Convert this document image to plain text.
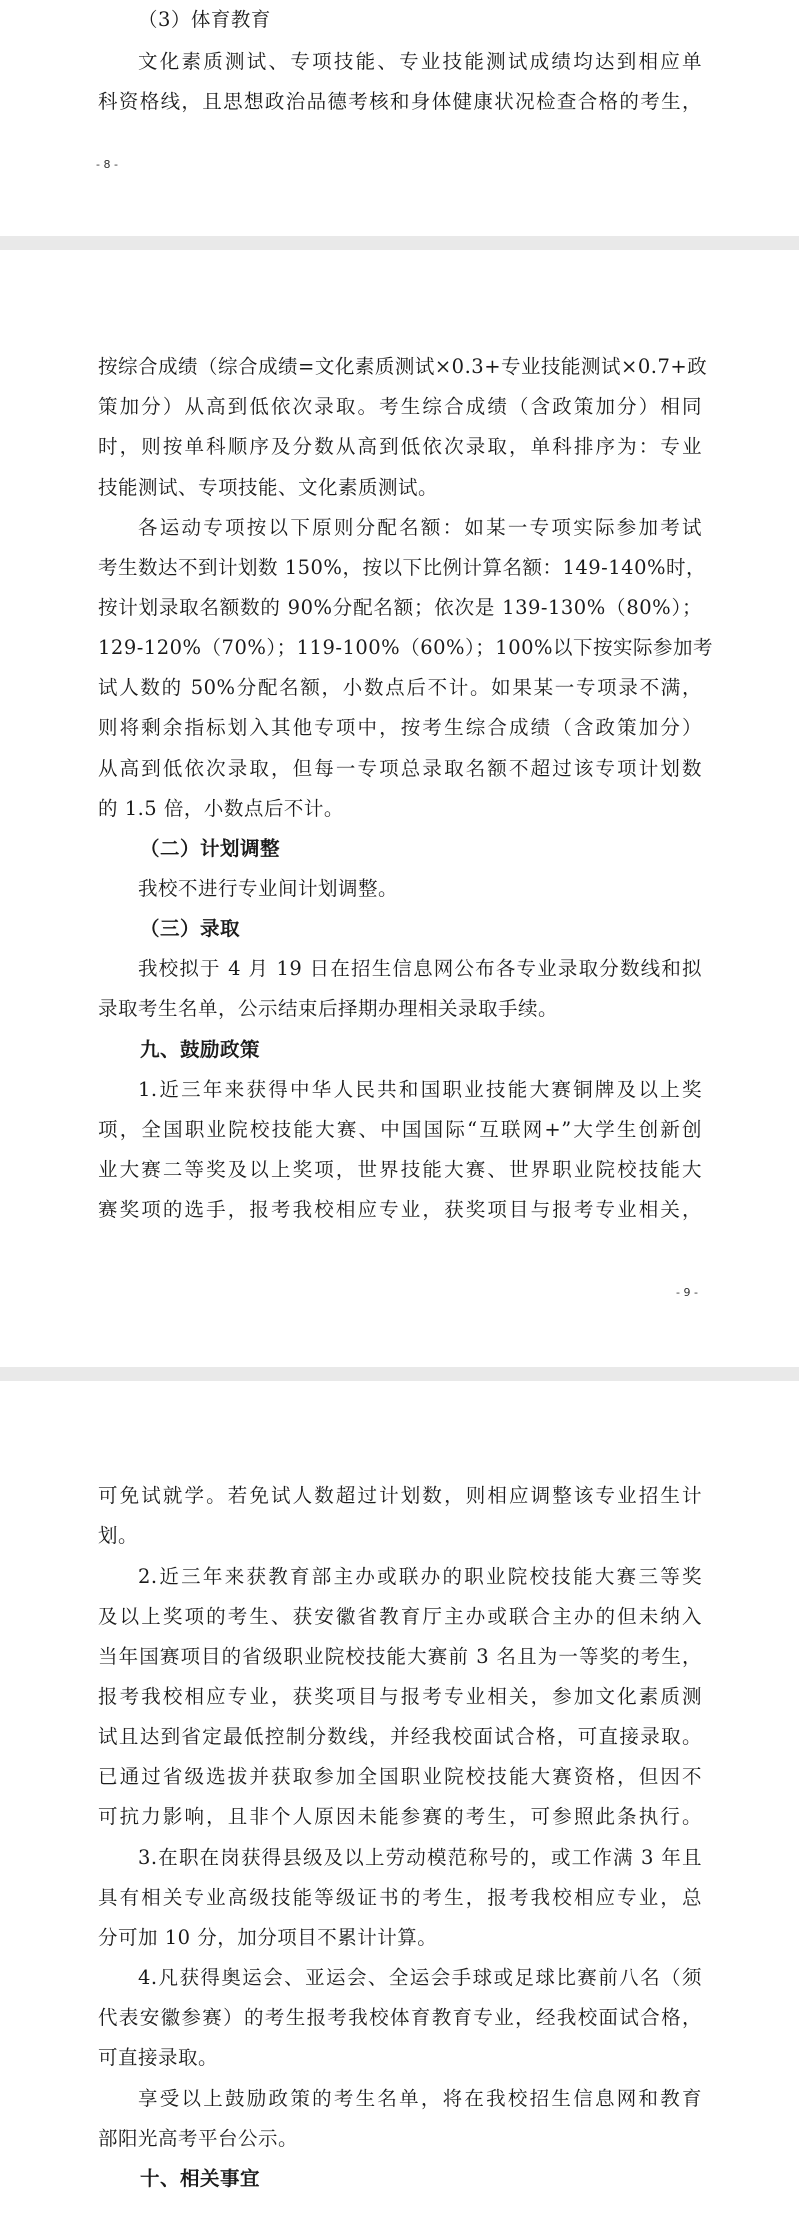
（3）体育教育
文化素质测试、专项技能、专业技能测试成绩均达到相应单
科资格线，且思想政治品德考核和身体健康状况检查合格的考生，
- 8 -
按综合成绩（综合成绩=文化素质测试×0.3+专业技能测试×0.7+政
策加分）从高到低依次录取。考生综合成绩（含政策加分）相同
时，则按单科顺序及分数从高到低依次录取，单科排序为：专业
技能测试、专项技能、文化素质测试。
各运动专项按以下原则分配名额：如某一专项实际参加考试
考生数达不到计划数 150%，按以下比例计算名额：149-140%时，
按计划录取名额数的 90%分配名额；依次是 139-130%（80%）；
129-120%（70%）；119-100%（60%）；100%以下按实际参加考
试人数的 50%分配名额，小数点后不计。如果某一专项录不满，
则将剩余指标划入其他专项中，按考生综合成绩（含政策加分）
从高到低依次录取，但每一专项总录取名额不超过该专项计划数
的 1.5 倍，小数点后不计。
（二）计划调整
我校不进行专业间计划调整。
（三）录取
我校拟于 4 月 19 日在招生信息网公布各专业录取分数线和拟
录取考生名单，公示结束后择期办理相关录取手续。
九、鼓励政策
1.近三年来获得中华人民共和国职业技能大赛铜牌及以上奖
项，全国职业院校技能大赛、中国国际“互联网+”大学生创新创
业大赛二等奖及以上奖项，世界技能大赛、世界职业院校技能大
赛奖项的选手，报考我校相应专业，获奖项目与报考专业相关，
- 9 -
可免试就学。若免试人数超过计划数，则相应调整该专业招生计
划。
2.近三年来获教育部主办或联办的职业院校技能大赛三等奖
及以上奖项的考生、获安徽省教育厅主办或联合主办的但未纳入
当年国赛项目的省级职业院校技能大赛前 3 名且为一等奖的考生，
报考我校相应专业，获奖项目与报考专业相关，参加文化素质测
试且达到省定最低控制分数线，并经我校面试合格，可直接录取。
已通过省级选拔并获取参加全国职业院校技能大赛资格，但因不
可抗力影响，且非个人原因未能参赛的考生，可参照此条执行。
3.在职在岗获得县级及以上劳动模范称号的，或工作满 3 年且
具有相关专业高级技能等级证书的考生，报考我校相应专业，总
分可加 10 分，加分项目不累计计算。
4.凡获得奥运会、亚运会、全运会手球或足球比赛前八名（须
代表安徽参赛）的考生报考我校体育教育专业，经我校面试合格，
可直接录取。
享受以上鼓励政策的考生名单，将在我校招生信息网和教育
部阳光高考平台公示。
十、相关事宜
